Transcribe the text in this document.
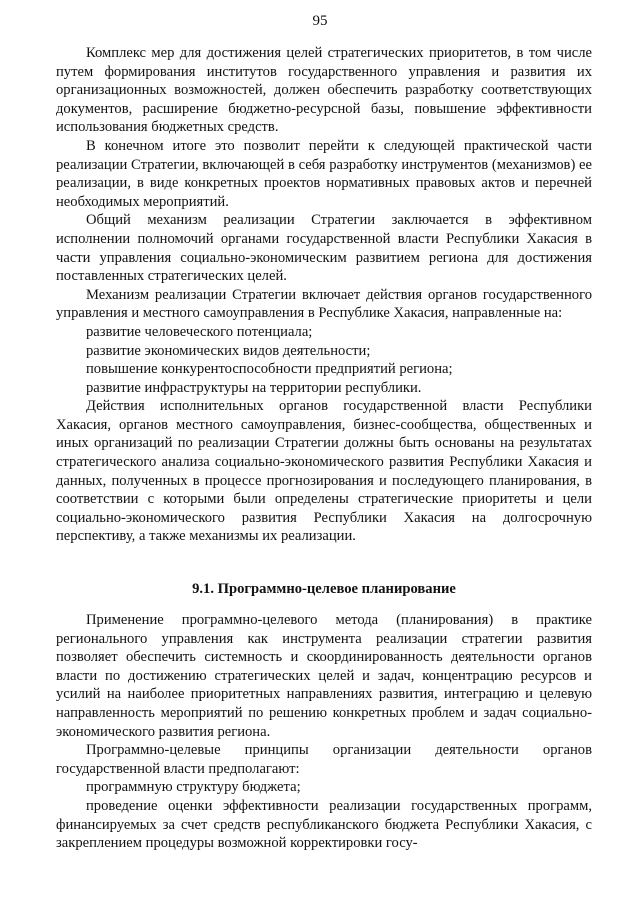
95

Комплекс мер для достижения целей стратегических приоритетов, в том числе путем формирования институтов государственного управления и развития их организационных возможностей, должен обеспечить разработку соответствующих документов, расширение бюджетно-ресурсной базы, повышение эффективности использования бюджетных средств.

В конечном итоге это позволит перейти к следующей практической части реализации Стратегии, включающей в себя разработку инструментов (механизмов) ее реализации, в виде конкретных проектов нормативных правовых актов и перечней необходимых мероприятий.

Общий механизм реализации Стратегии заключается в эффективном исполнении полномочий органами государственной власти Республики Хакасия в части управления социально-экономическим развитием региона для достижения поставленных стратегических целей.

Механизм реализации Стратегии включает действия органов государственного управления и местного самоуправления в Республике Хакасия, направленные на:

развитие человеческого потенциала;

развитие экономических видов деятельности;

повышение конкурентоспособности предприятий региона;

развитие инфраструктуры на территории республики.

Действия исполнительных органов государственной власти Республики Хакасия, органов местного самоуправления, бизнес-сообщества, общественных и иных организаций по реализации Стратегии должны быть основаны на результатах стратегического анализа социально-экономического развития Республики Хакасия и данных, полученных в процессе прогнозирования и последующего планирования, в соответствии с которыми были определены стратегические приоритеты и цели социально-экономического развития Республики Хакасия на долгосрочную перспективу, а также механизмы их реализации.

9.1. Программно-целевое планирование

Применение программно-целевого метода (планирования) в практике регионального управления как инструмента реализации стратегии развития позволяет обеспечить системность и скоординированность деятельности органов власти по достижению стратегических целей и задач, концентрацию ресурсов и усилий на наиболее приоритетных направлениях развития, интеграцию и целевую направленность мероприятий по решению конкретных проблем и задач социально-экономического развития региона.

Программно-целевые принципы организации деятельности органов государственной власти предполагают:

программную структуру бюджета;

проведение оценки эффективности реализации государственных программ, финансируемых за счет средств республиканского бюджета Республики Хакасия, с закреплением процедуры возможной корректировки госу-
